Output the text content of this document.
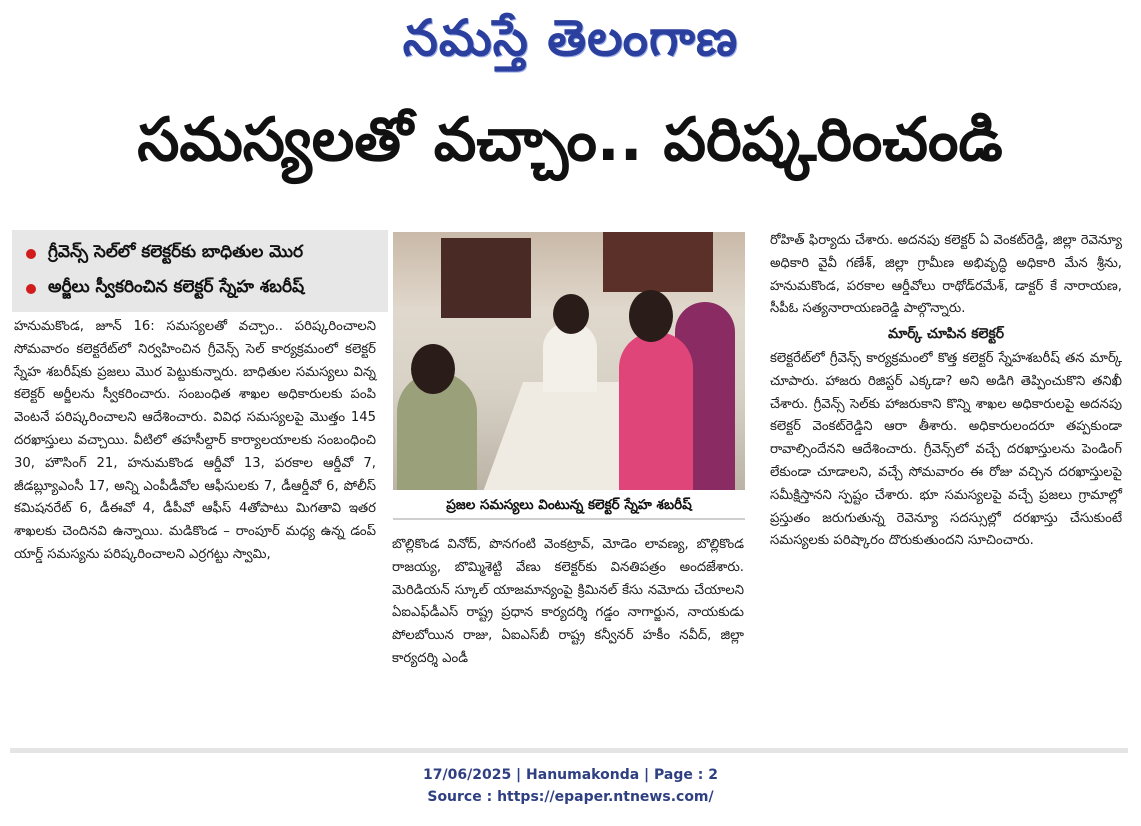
నమస్తే తెలంగాణ
సమస్యలతో వచ్చాం.. పరిష్కరించండి
గ్రీవెన్స్ సెల్‌లో కలెక్టర్‌కు బాధితుల మొర
అర్జీలు స్వీకరించిన కలెక్టర్ స్నేహ శబరీష్

హనుమకొండ, జూన్ 16: సమస్యలతో వచ్చాం.. పరిష్కరించాలని సోమవారం కలెక్టరేట్‌లో నిర్వహించిన గ్రీవెన్స్ సెల్ కార్యక్రమంలో కలెక్టర్ స్నేహ శబరీష్‌కు ప్రజలు మొర పెట్టుకున్నారు. బాధితుల సమస్యలు విన్న కలెక్టర్ అర్జీలను స్వీకరించారు. సంబంధిత శాఖల అధికారులకు పంపి వెంటనే పరిష్కరించాలని ఆదేశించారు. వివిధ సమస్యలపై మొత్తం 145 దరఖాస్తులు వచ్చాయి. వీటిలో తహసీల్దార్ కార్యాలయాలకు సంబంధించి 30, హౌసింగ్ 21, హనుమకొండ ఆర్డీవో 13, పరకాల ఆర్డీవో 7, జీడబ్ల్యూఎంసీ 17, అన్ని ఎంపీడీవోల ఆఫీసులకు 7, డీఆర్డీవో 6, పోలీస్ కమిషనరేట్ 6, డీఈవో 4, డీపీవో ఆఫీస్ 4తోపాటు మిగతావి ఇతర శాఖలకు చెందినవి ఉన్నాయి. మడికొండ – రాంపూర్ మధ్య ఉన్న డంప్ యార్డ్ సమస్యను పరిష్కరించాలని ఎర్రగట్టు స్వామి,

ప్రజల సమస్యలు వింటున్న కలెక్టర్ స్నేహ శబరీష్

బొల్లికొండ వినోద్, పొనగంటి వెంకట్రావ్, మోడెం లావణ్య, బొల్లికొండ రాజయ్య, బొమ్మిశెట్టి వేణు కలెక్టర్‌కు వినతిపత్రం అందజేశారు. మెరిడియన్ స్కూల్ యాజమాన్యంపై క్రిమినల్ కేసు నమోదు చేయాలని ఏఐఎఫ్‌డీఎస్ రాష్ట్ర ప్రధాన కార్యదర్శి గడ్డం నాగార్జున, నాయకుడు పోలబోయిన రాజు, ఏఐఎస్‌బీ రాష్ట్ర కన్వీనర్ హకీం నవీద్, జిల్లా కార్యదర్శి ఎండీ

రోహిత్ ఫిర్యాదు చేశారు. అదనపు కలెక్టర్ ఏ వెంకట్‌రెడ్డి, జిల్లా రెవెన్యూ అధికారి వైవీ గణేశ్, జిల్లా గ్రామీణ అభివృద్ధి అధికారి మేన శ్రీను, హనుమకొండ, పరకాల ఆర్డీవోలు రాథోడ్‌రమేశ్, డాక్టర్ కే నారాయణ, సీపీఓ సత్యనారాయణరెడ్డి పాల్గొన్నారు.

మార్క్ చూపిన కలెక్టర్

కలెక్టరేట్‌లో గ్రీవెన్స్ కార్యక్రమంలో కొత్త కలెక్టర్ స్నేహశబరీష్ తన మార్క్ చూపారు. హాజరు రిజిస్టర్ ఎక్కడా? అని అడిగి తెప్పించుకొని తనిఖీ చేశారు. గ్రీవెన్స్ సెల్‌కు హాజరుకాని కొన్ని శాఖల అధికారులపై అదనపు కలెక్టర్ వెంకట్‌రెడ్డిని ఆరా తీశారు. అధికారులందరూ తప్పకుండా రావాల్సిందేనని ఆదేశించారు. గ్రీవెన్స్‌లో వచ్చే దరఖాస్తులను పెండింగ్ లేకుండా చూడాలని, వచ్చే సోమవారం ఈ రోజు వచ్చిన దరఖాస్తులపై సమీక్షిస్తానని స్పష్టం చేశారు. భూ సమస్యలపై వచ్చే ప్రజలు గ్రామాల్లో ప్రస్తుతం జరుగుతున్న రెవెన్యూ సదస్సుల్లో దరఖాస్తు చేసుకుంటే సమస్యలకు పరిష్కారం దొరుకుతుందని సూచించారు.

17/06/2025 | Hanumakonda | Page : 2
Source : https://epaper.ntnews.com/
